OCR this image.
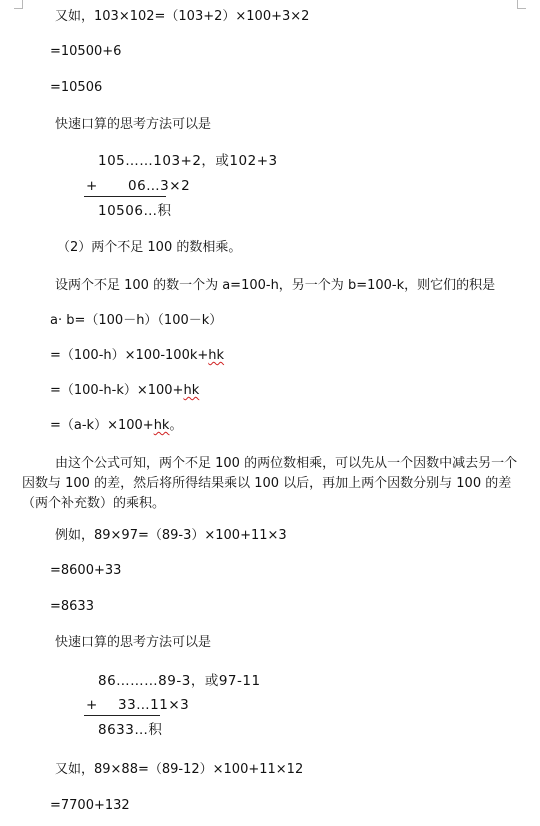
又如，103×102=（103+2）×100+3×2
=10500+6
=10506
快速口算的思考方法可以是
105……103+2，或102+3
+ 06…3×2
10506…积
（2）两个不足 100 的数相乘。
设两个不足 100 的数一个为 a=100-h，另一个为 b=100-k，则它们的积是
a· b=（100－h）（100－k）
=（100-h）×100-100k+hk
=（100-h-k）×100+hk
=（a-k）×100+hk。
由这个公式可知，两个不足 100 的两位数相乘，可以先从一个因数中减去另一个因数与 100 的差，然后将所得结果乘以 100 以后，再加上两个因数分别与 100 的差（两个补充数）的乘积。
例如，89×97=（89-3）×100+11×3
=8600+33
=8633
快速口算的思考方法可以是
86………89-3，或97-11
+ 33…11×3
8633…积
又如，89×88=（89-12）×100+11×12
=7700+132
